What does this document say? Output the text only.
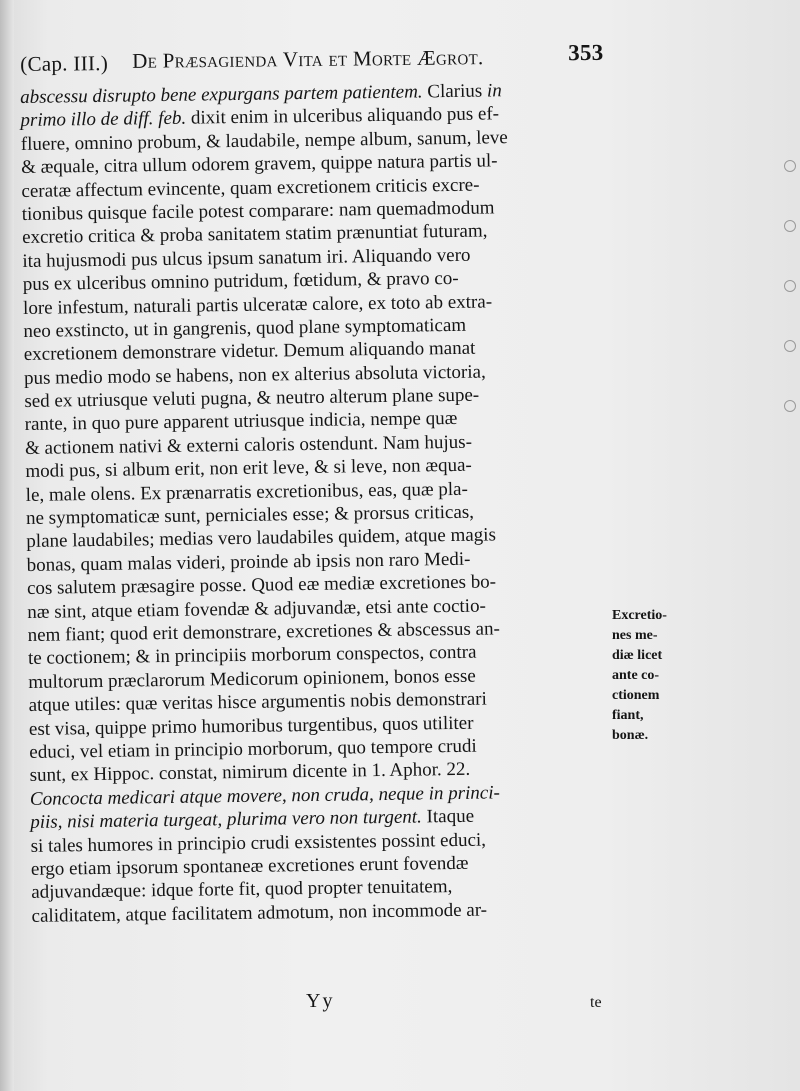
(Cap. III.) De Præsagienda Vita et Morte Ægrot.	353
abscessu disrupto bene expurgans partem patientem. Clarius in
primo illo de diff. feb. dixit enim in ulceribus aliquando pus ef-
fluere, omnino probum, & laudabile, nempe album, sanum, leve
& æquale, citra ullum odorem gravem, quippe natura partis ul-
ceratæ affectum evincente, quam excretionem criticis excre-
tionibus quisque facile potest comparare: nam quemadmodum
excretio critica & proba sanitatem statim prænuntiat futuram,
ita hujusmodi pus ulcus ipsum sanatum iri. Aliquando vero
pus ex ulceribus omnino putridum, fœtidum, & pravo co-
lore infestum, naturali partis ulceratæ calore, ex toto ab extra-
neo exstincto, ut in gangrenis, quod plane symptomaticam
excretionem demonstrare videtur. Demum aliquando manat
pus medio modo se habens, non ex alterius absoluta victoria,
sed ex utriusque veluti pugna, & neutro alterum plane supe-
rante, in quo pure apparent utriusque indicia, nempe quæ
& actionem nativi & externi caloris ostendunt. Nam hujus-
modi pus, si album erit, non erit leve, & si leve, non æqua-
le, male olens. Ex prænarratis excretionibus, eas, quæ pla-
ne symptomaticæ sunt, perniciales esse; & prorsus criticas,
plane laudabiles; medias vero laudabiles quidem, atque magis
bonas, quam malas videri, proinde ab ipsis non raro Medi-
cos salutem præsagire posse. Quod eæ mediæ excretiones bo-
næ sint, atque etiam fovendæ & adjuvandæ, etsi ante coctio-
nem fiant; quod erit demonstrare, excretiones & abscessus an-
te coctionem; & in principiis morborum conspectos, contra
multorum præclarorum Medicorum opinionem, bonos esse
atque utiles: quæ veritas hisce argumentis nobis demonstrari
est visa, quippe primo humoribus turgentibus, quos utiliter
educi, vel etiam in principio morborum, quo tempore crudi
sunt, ex Hippoc. constat, nimirum dicente in 1. Aphor. 22.
Concocta medicari atque movere, non cruda, neque in princi-
piis, nisi materia turgeat, plurima vero non turgent. Itaque
si tales humores in principio crudi exsistentes possint educi,
ergo etiam ipsorum spontaneæ excretiones erunt fovendæ
adjuvandæque: idque forte fit, quod propter tenuitatem,
caliditatem, atque facilitatem admotum, non incommode ar-
Excretio-
nes me-
diæ licet
ante co-
ctionem
fiant,
bonæ.
Yy	te
